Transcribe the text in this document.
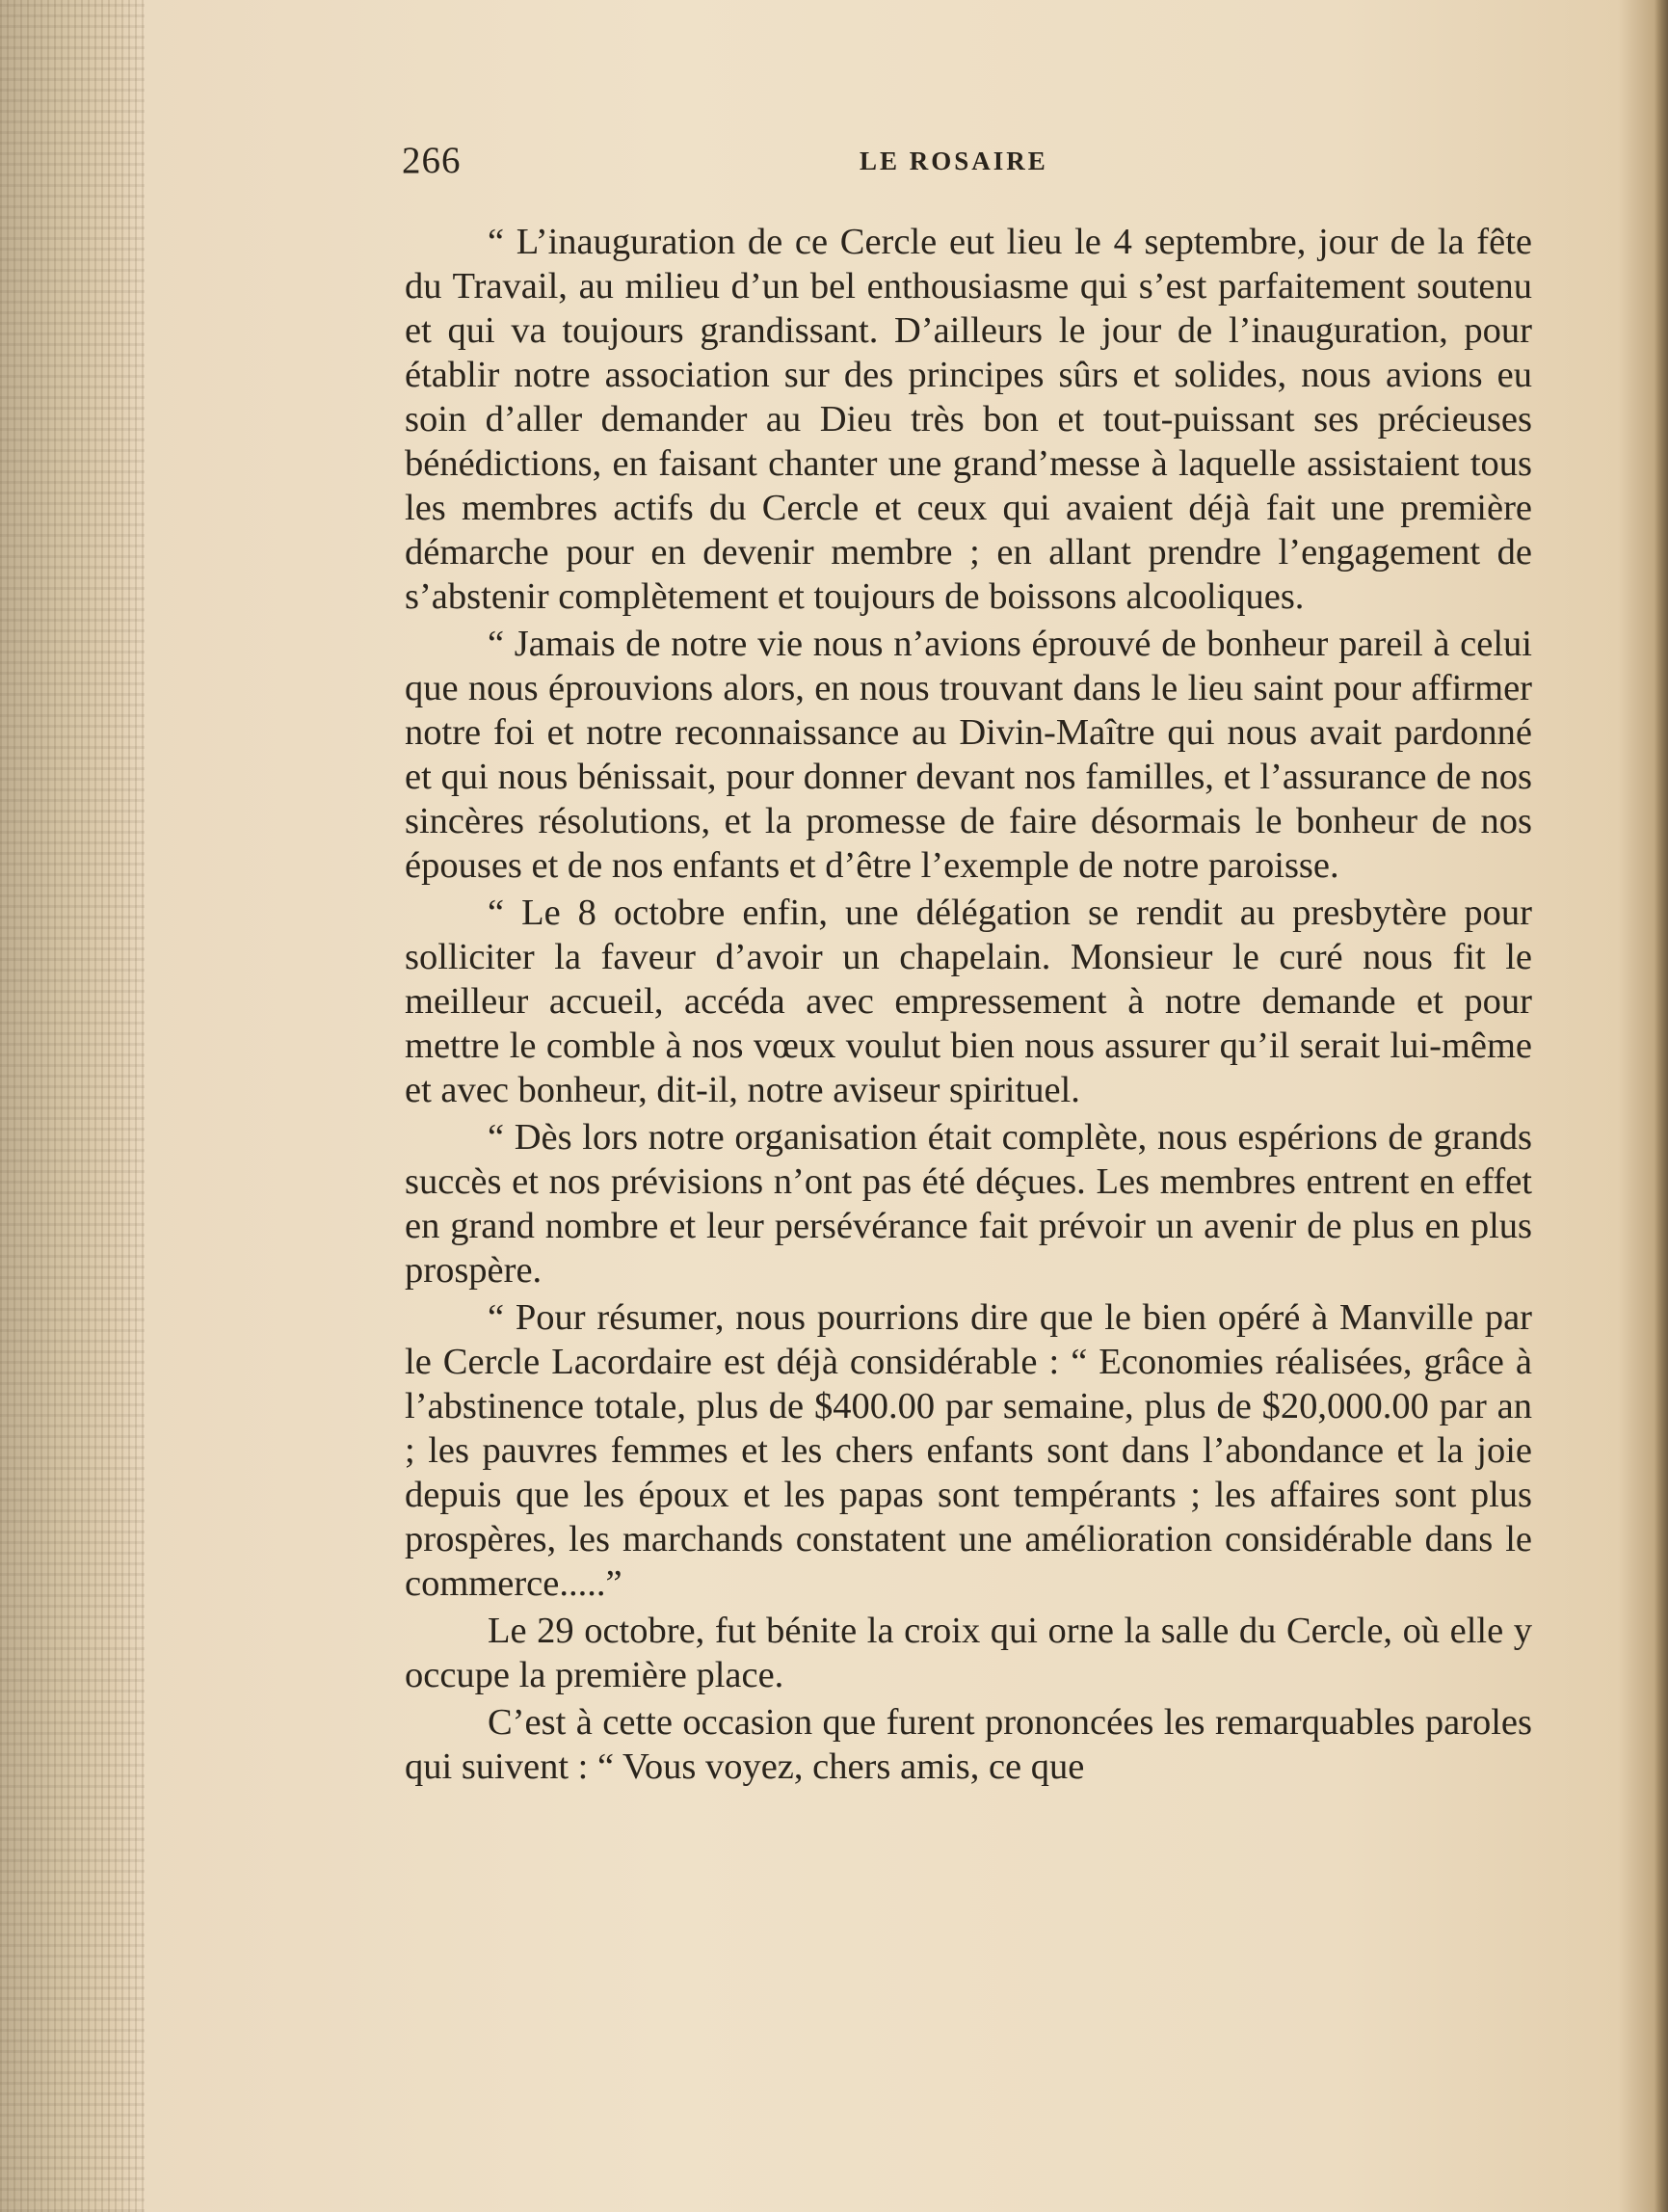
266	LE ROSAIRE

“ L’inauguration de ce Cercle eut lieu le 4 septembre, jour de la fête du Travail, au milieu d’un bel enthousiasme qui s’est parfaitement soutenu et qui va toujours grandissant. D’ailleurs le jour de l’inauguration, pour établir notre association sur des principes sûrs et solides, nous avions eu soin d’aller demander au Dieu très bon et tout-puissant ses précieuses bénédictions, en faisant chanter une grand’messe à laquelle assistaient tous les membres actifs du Cercle et ceux qui avaient déjà fait une première démarche pour en devenir membre ; en allant prendre l’engagement de s’abstenir complètement et toujours de boissons alcooliques.

“ Jamais de notre vie nous n’avions éprouvé de bonheur pareil à celui que nous éprouvions alors, en nous trouvant dans le lieu saint pour affirmer notre foi et notre reconnaissance au Divin-Maître qui nous avait pardonné et qui nous bénissait, pour donner devant nos familles, et l’assurance de nos sincères résolutions, et la promesse de faire désormais le bonheur de nos épouses et de nos enfants et d’être l’exemple de notre paroisse.

“ Le 8 octobre enfin, une délégation se rendit au presbytère pour solliciter la faveur d’avoir un chapelain. Monsieur le curé nous fit le meilleur accueil, accéda avec empressement à notre demande et pour mettre le comble à nos vœux voulut bien nous assurer qu’il serait lui-même et avec bonheur, dit-il, notre aviseur spirituel.

“ Dès lors notre organisation était complète, nous espérions de grands succès et nos prévisions n’ont pas été déçues. Les membres entrent en effet en grand nombre et leur persévérance fait prévoir un avenir de plus en plus prospère.

“ Pour résumer, nous pourrions dire que le bien opéré à Manville par le Cercle Lacordaire est déjà considérable : “ Economies réalisées, grâce à l’abstinence totale, plus de $400.00 par semaine, plus de $20,000.00 par an ; les pauvres femmes et les chers enfants sont dans l’abondance et la joie depuis que les époux et les papas sont tempérants ; les affaires sont plus prospères, les marchands constatent une amélioration considérable dans le commerce.....”

Le 29 octobre, fut bénite la croix qui orne la salle du Cercle, où elle y occupe la première place.

C’est à cette occasion que furent prononcées les remarquables paroles qui suivent : “ Vous voyez, chers amis, ce que
